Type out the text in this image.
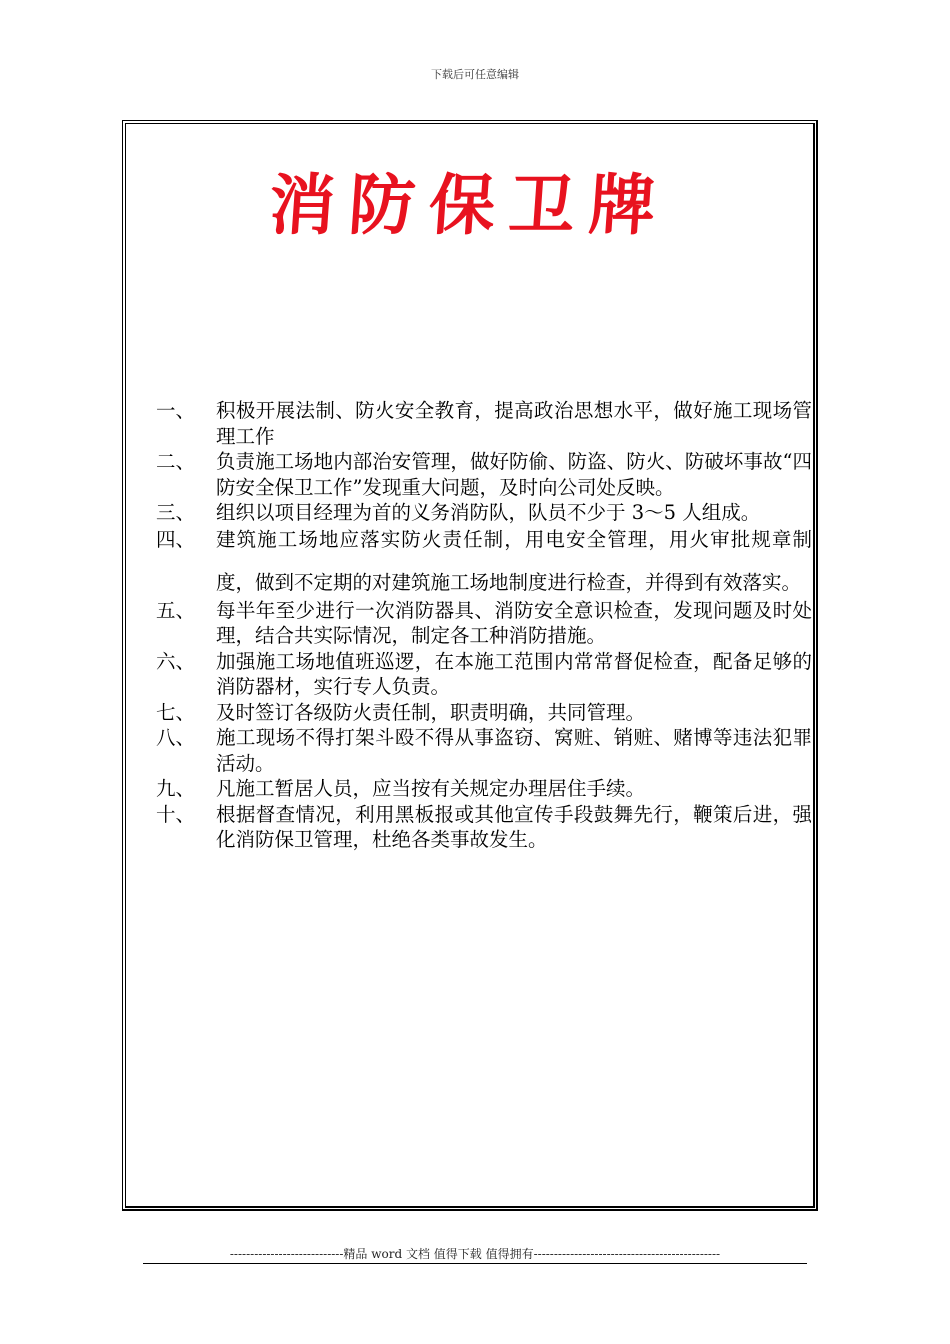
下载后可任意编辑
消防保卫牌
一、	积极开展法制、防火安全教育，提高政治思想水平，做好施工现场管理工作
二、	负责施工场地内部治安管理，做好防偷、防盗、防火、防破坏事故“四防安全保卫工作”发现重大问题，及时向公司处反映。
三、	组织以项目经理为首的义务消防队，队员不少于 3～5 人组成。
四、	建筑施工场地应落实防火责任制，用电安全管理，用火审批规章制度，做到不定期的对建筑施工场地制度进行检查，并得到有效落实。
五、	每半年至少进行一次消防器具、消防安全意识检查，发现问题及时处理，结合共实际情况，制定各工种消防措施。
六、	加强施工场地值班巡逻，在本施工范围内常常督促检查，配备足够的消防器材，实行专人负责。
七、	及时签订各级防火责任制，职责明确，共同管理。
八、	施工现场不得打架斗殴不得从事盗窃、窝赃、销赃、赌博等违法犯罪活动。
九、	凡施工暂居人员，应当按有关规定办理居住手续。
十、	根据督查情况，利用黑板报或其他宣传手段鼓舞先行，鞭策后进，强化消防保卫管理，杜绝各类事故发生。
----------------------------精品 word 文档 值得下载 值得拥有----------------------------------------------
